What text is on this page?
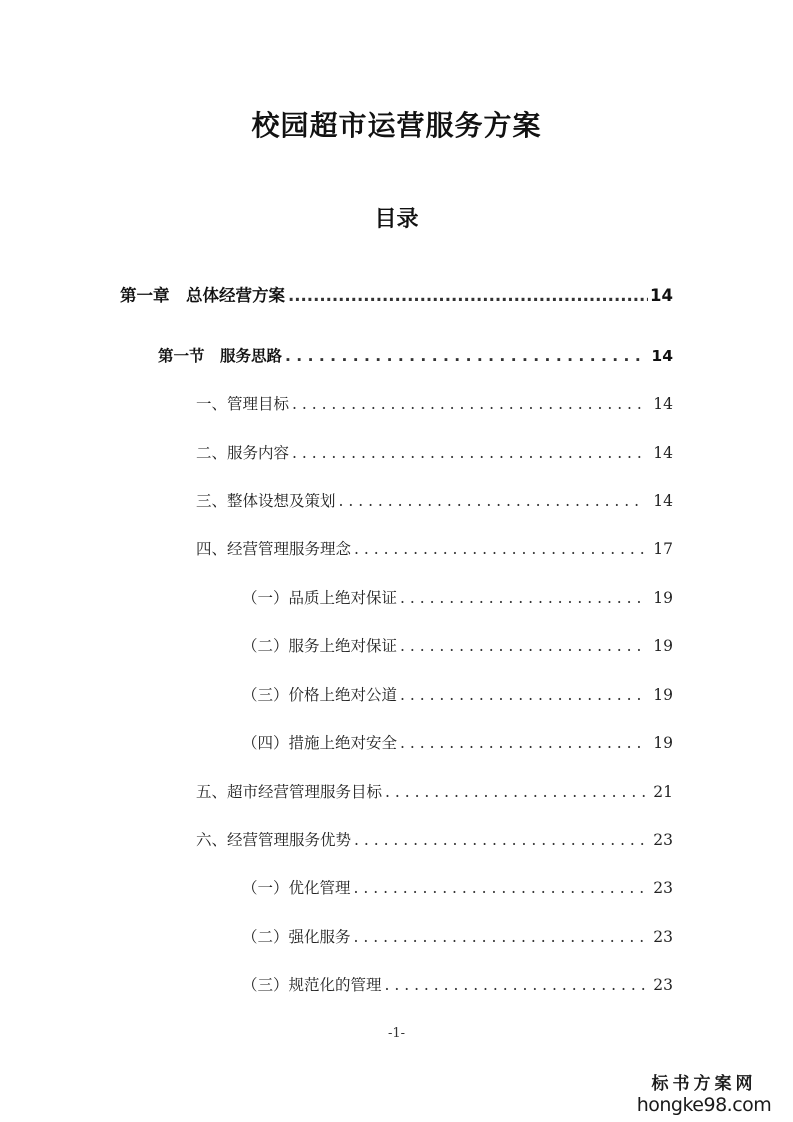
校园超市运营服务方案
目录
第一章　总体经营方案 .....	14
第一节　服务思路 . . .	14
一、管理目标 . . .	14
二、服务内容 . . .	14
三、整体设想及策划 . . .	14
四、经营管理服务理念 . . .	17
（一）品质上绝对保证 . . .	19
（二）服务上绝对保证 . . .	19
（三）价格上绝对公道 . . .	19
（四）措施上绝对安全 . . .	19
五、超市经营管理服务目标 . . .	21
六、经营管理服务优势 . . .	23
（一）优化管理 . . .	23
（二）强化服务 . . .	23
（三）规范化的管理 . . .	23
-1-
标书方案网
hongke98.com
